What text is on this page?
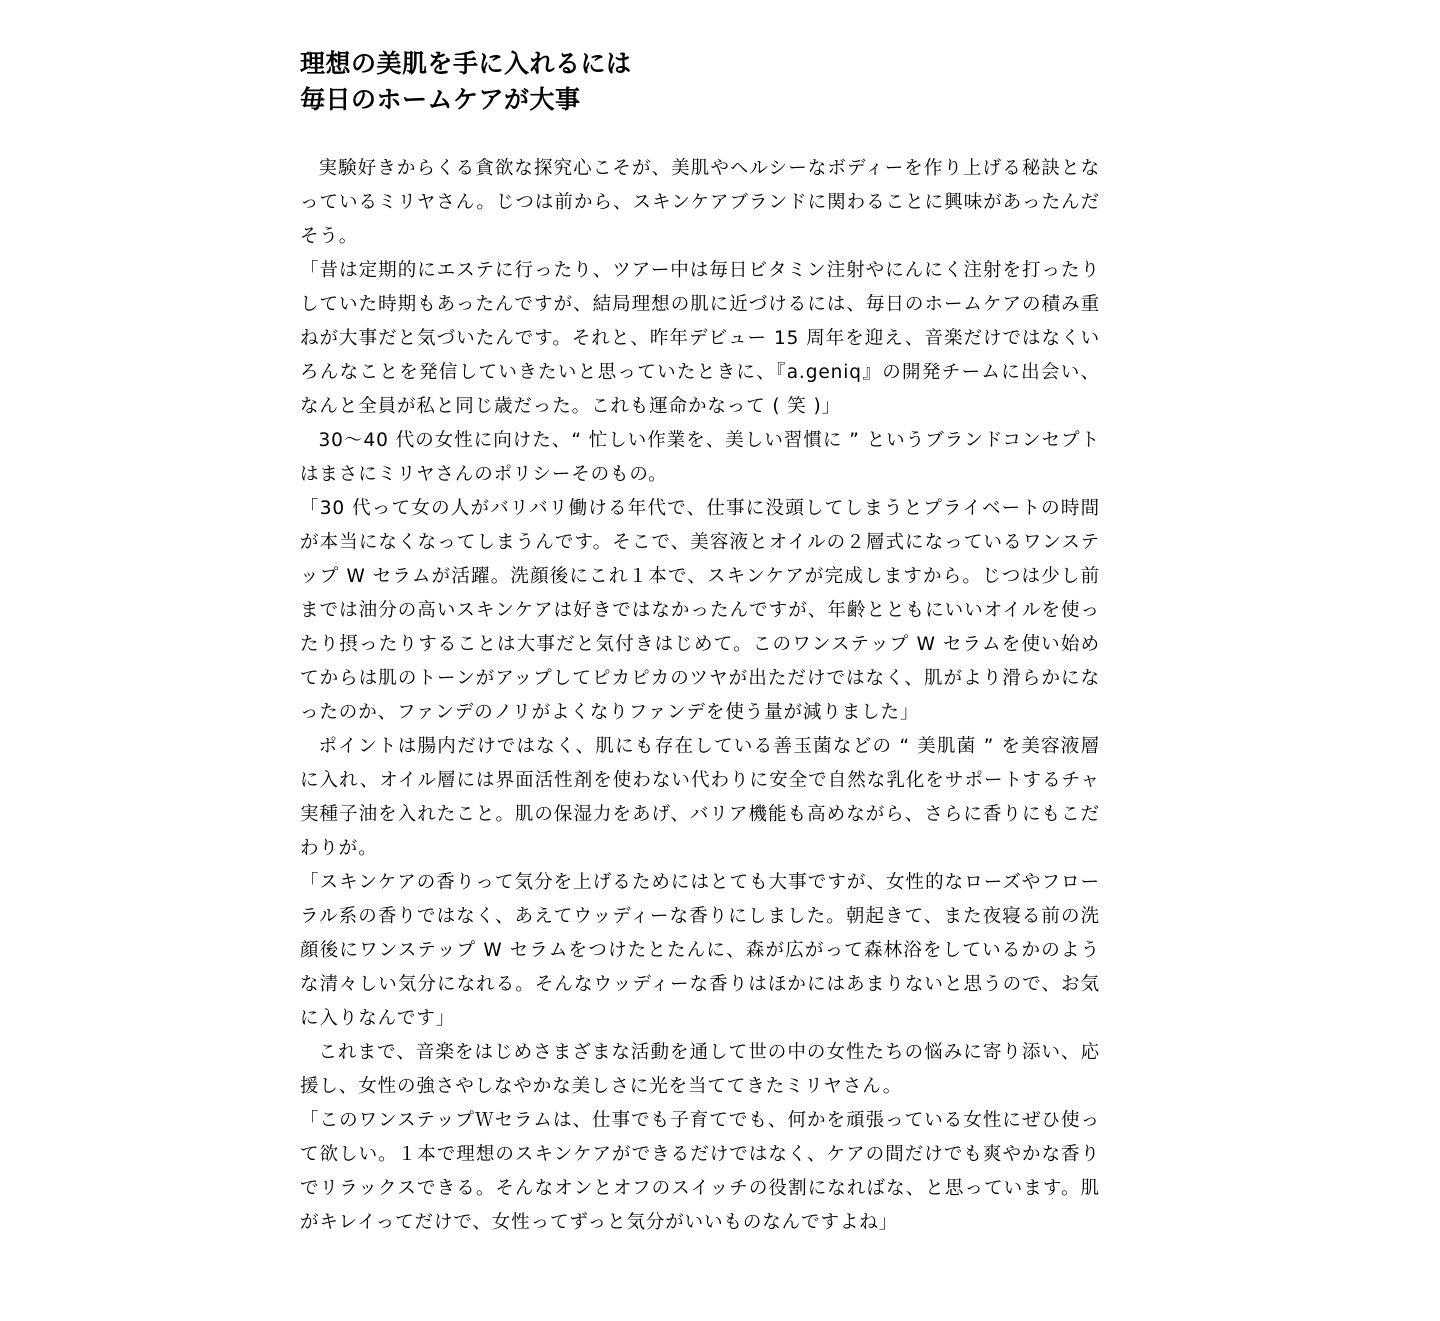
理想の美肌を手に入れるには
毎日のホームケアが大事

実験好きからくる貪欲な探究心こそが、美肌やヘルシーなボディーを作り上げる秘訣となっているミリヤさん。じつは前から、スキンケアブランドに関わることに興味があったんだそう。

「昔は定期的にエステに行ったり、ツアー中は毎日ビタミン注射やにんにく注射を打ったりしていた時期もあったんですが、結局理想の肌に近づけるには、毎日のホームケアの積み重ねが大事だと気づいたんです。それと、昨年デビュー 15 周年を迎え、音楽だけではなくいろんなことを発信していきたいと思っていたときに、『a.geniq』の開発チームに出会い、なんと全員が私と同じ歳だった。これも運命かなって ( 笑 )」

30〜40 代の女性に向けた、“ 忙しい作業を、美しい習慣に ” というブランドコンセプトはまさにミリヤさんのポリシーそのもの。

「30 代って女の人がバリバリ働ける年代で、仕事に没頭してしまうとプライベートの時間が本当になくなってしまうんです。そこで、美容液とオイルの２層式になっているワンステップ W セラムが活躍。洗顔後にこれ１本で、スキンケアが完成しますから。じつは少し前までは油分の高いスキンケアは好きではなかったんですが、年齢とともにいいオイルを使ったり摂ったりすることは大事だと気付きはじめて。このワンステップ W セラムを使い始めてからは肌のトーンがアップしてピカピカのツヤが出ただけではなく、肌がより滑らかになったのか、ファンデのノリがよくなりファンデを使う量が減りました」

ポイントは腸内だけではなく、肌にも存在している善玉菌などの “ 美肌菌 ” を美容液層に入れ、オイル層には界面活性剤を使わない代わりに安全で自然な乳化をサポートするチャ実種子油を入れたこと。肌の保湿力をあげ、バリア機能も高めながら、さらに香りにもこだわりが。

「スキンケアの香りって気分を上げるためにはとても大事ですが、女性的なローズやフローラル系の香りではなく、あえてウッディーな香りにしました。朝起きて、また夜寝る前の洗顔後にワンステップ W セラムをつけたとたんに、森が広がって森林浴をしているかのような清々しい気分になれる。そんなウッディーな香りはほかにはあまりないと思うので、お気に入りなんです」

これまで、音楽をはじめさまざまな活動を通して世の中の女性たちの悩みに寄り添い、応援し、女性の強さやしなやかな美しさに光を当ててきたミリヤさん。

「このワンステップＷセラムは、仕事でも子育てでも、何かを頑張っている女性にぜひ使って欲しい。１本で理想のスキンケアができるだけではなく、ケアの間だけでも爽やかな香りでリラックスできる。そんなオンとオフのスイッチの役割になればな、と思っています。肌がキレイってだけで、女性ってずっと気分がいいものなんですよね」
